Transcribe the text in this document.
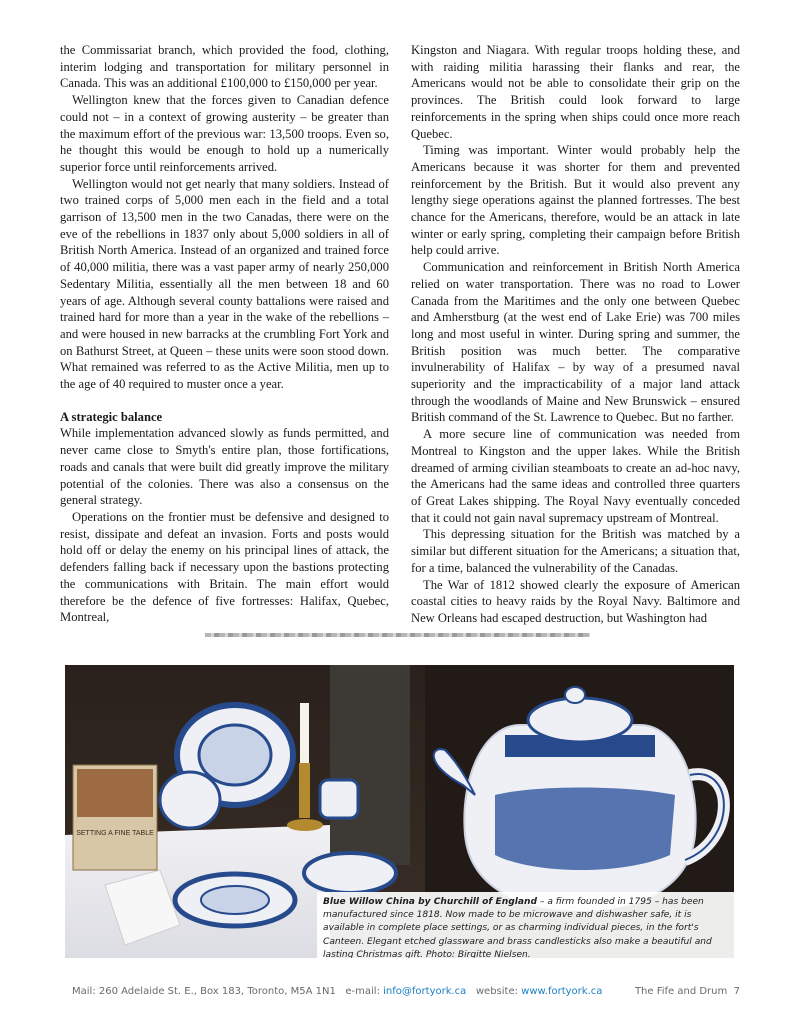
the Commissariat branch, which provided the food, clothing, interim lodging and transportation for military personnel in Canada. This was an additional £100,000 to £150,000 per year.

Wellington knew that the forces given to Canadian defence could not – in a context of growing austerity – be greater than the maximum effort of the previous war: 13,500 troops. Even so, he thought this would be enough to hold up a numerically superior force until reinforcements arrived.

Wellington would not get nearly that many soldiers. Instead of two trained corps of 5,000 men each in the field and a total garrison of 13,500 men in the two Canadas, there were on the eve of the rebellions in 1837 only about 5,000 soldiers in all of British North America. Instead of an organized and trained force of 40,000 militia, there was a vast paper army of nearly 250,000 Sedentary Militia, essentially all the men between 18 and 60 years of age. Although several county battalions were raised and trained hard for more than a year in the wake of the rebellions – and were housed in new barracks at the crumbling Fort York and on Bathurst Street, at Queen – these units were soon stood down. What remained was referred to as the Active Militia, men up to the age of 40 required to muster once a year.

A strategic balance

While implementation advanced slowly as funds permitted, and never came close to Smyth's entire plan, those fortifications, roads and canals that were built did greatly improve the military potential of the colonies. There was also a consensus on the general strategy.

Operations on the frontier must be defensive and designed to resist, dissipate and defeat an invasion. Forts and posts would hold off or delay the enemy on his principal lines of attack, the defenders falling back if necessary upon the bastions protecting the communications with Britain. The main effort would therefore be the defence of five fortresses: Halifax, Quebec, Montreal,

Kingston and Niagara. With regular troops holding these, and with raiding militia harassing their flanks and rear, the Americans would not be able to consolidate their grip on the provinces. The British could look forward to large reinforcements in the spring when ships could once more reach Quebec.

Timing was important. Winter would probably help the Americans because it was shorter for them and prevented reinforcement by the British. But it would also prevent any lengthy siege operations against the planned fortresses. The best chance for the Americans, therefore, would be an attack in late winter or early spring, completing their campaign before British help could arrive.

Communication and reinforcement in British North America relied on water transportation. There was no road to Lower Canada from the Maritimes and the only one between Quebec and Amherstburg (at the west end of Lake Erie) was 700 miles long and most useful in winter. During spring and summer, the British position was much better. The comparative invulnerability of Halifax – by way of a presumed naval superiority and the impracticability of a major land attack through the woodlands of Maine and New Brunswick – ensured British command of the St. Lawrence to Quebec. But no farther.

A more secure line of communication was needed from Montreal to Kingston and the upper lakes. While the British dreamed of arming civilian steamboats to create an ad-hoc navy, the Americans had the same ideas and controlled three quarters of Great Lakes shipping. The Royal Navy eventually conceded that it could not gain naval supremacy upstream of Montreal.

This depressing situation for the British was matched by a similar but different situation for the Americans; a situation that, for a time, balanced the vulnerability of the Canadas.

The War of 1812 showed clearly the exposure of American coastal cities to heavy raids by the Royal Navy. Baltimore and New Orleans had escaped destruction, but Washington had

SETTING A FINE TABLE
Blue Willow China by Churchill of England – a firm founded in 1795 – has been manufactured since 1818. Now made to be microwave and dishwasher safe, it is available in complete place settings, or as charming individual pieces, in the fort's Canteen. Elegant etched glassware and brass candlesticks also make a beautiful and lasting Christmas gift. Photo: Birgitte Nielsen.
Mail: 260 Adelaide St. E., Box 183, Toronto, M5A 1N1 e-mail: info@fortyork.ca website: www.fortyork.ca	The Fife and Drum 7
